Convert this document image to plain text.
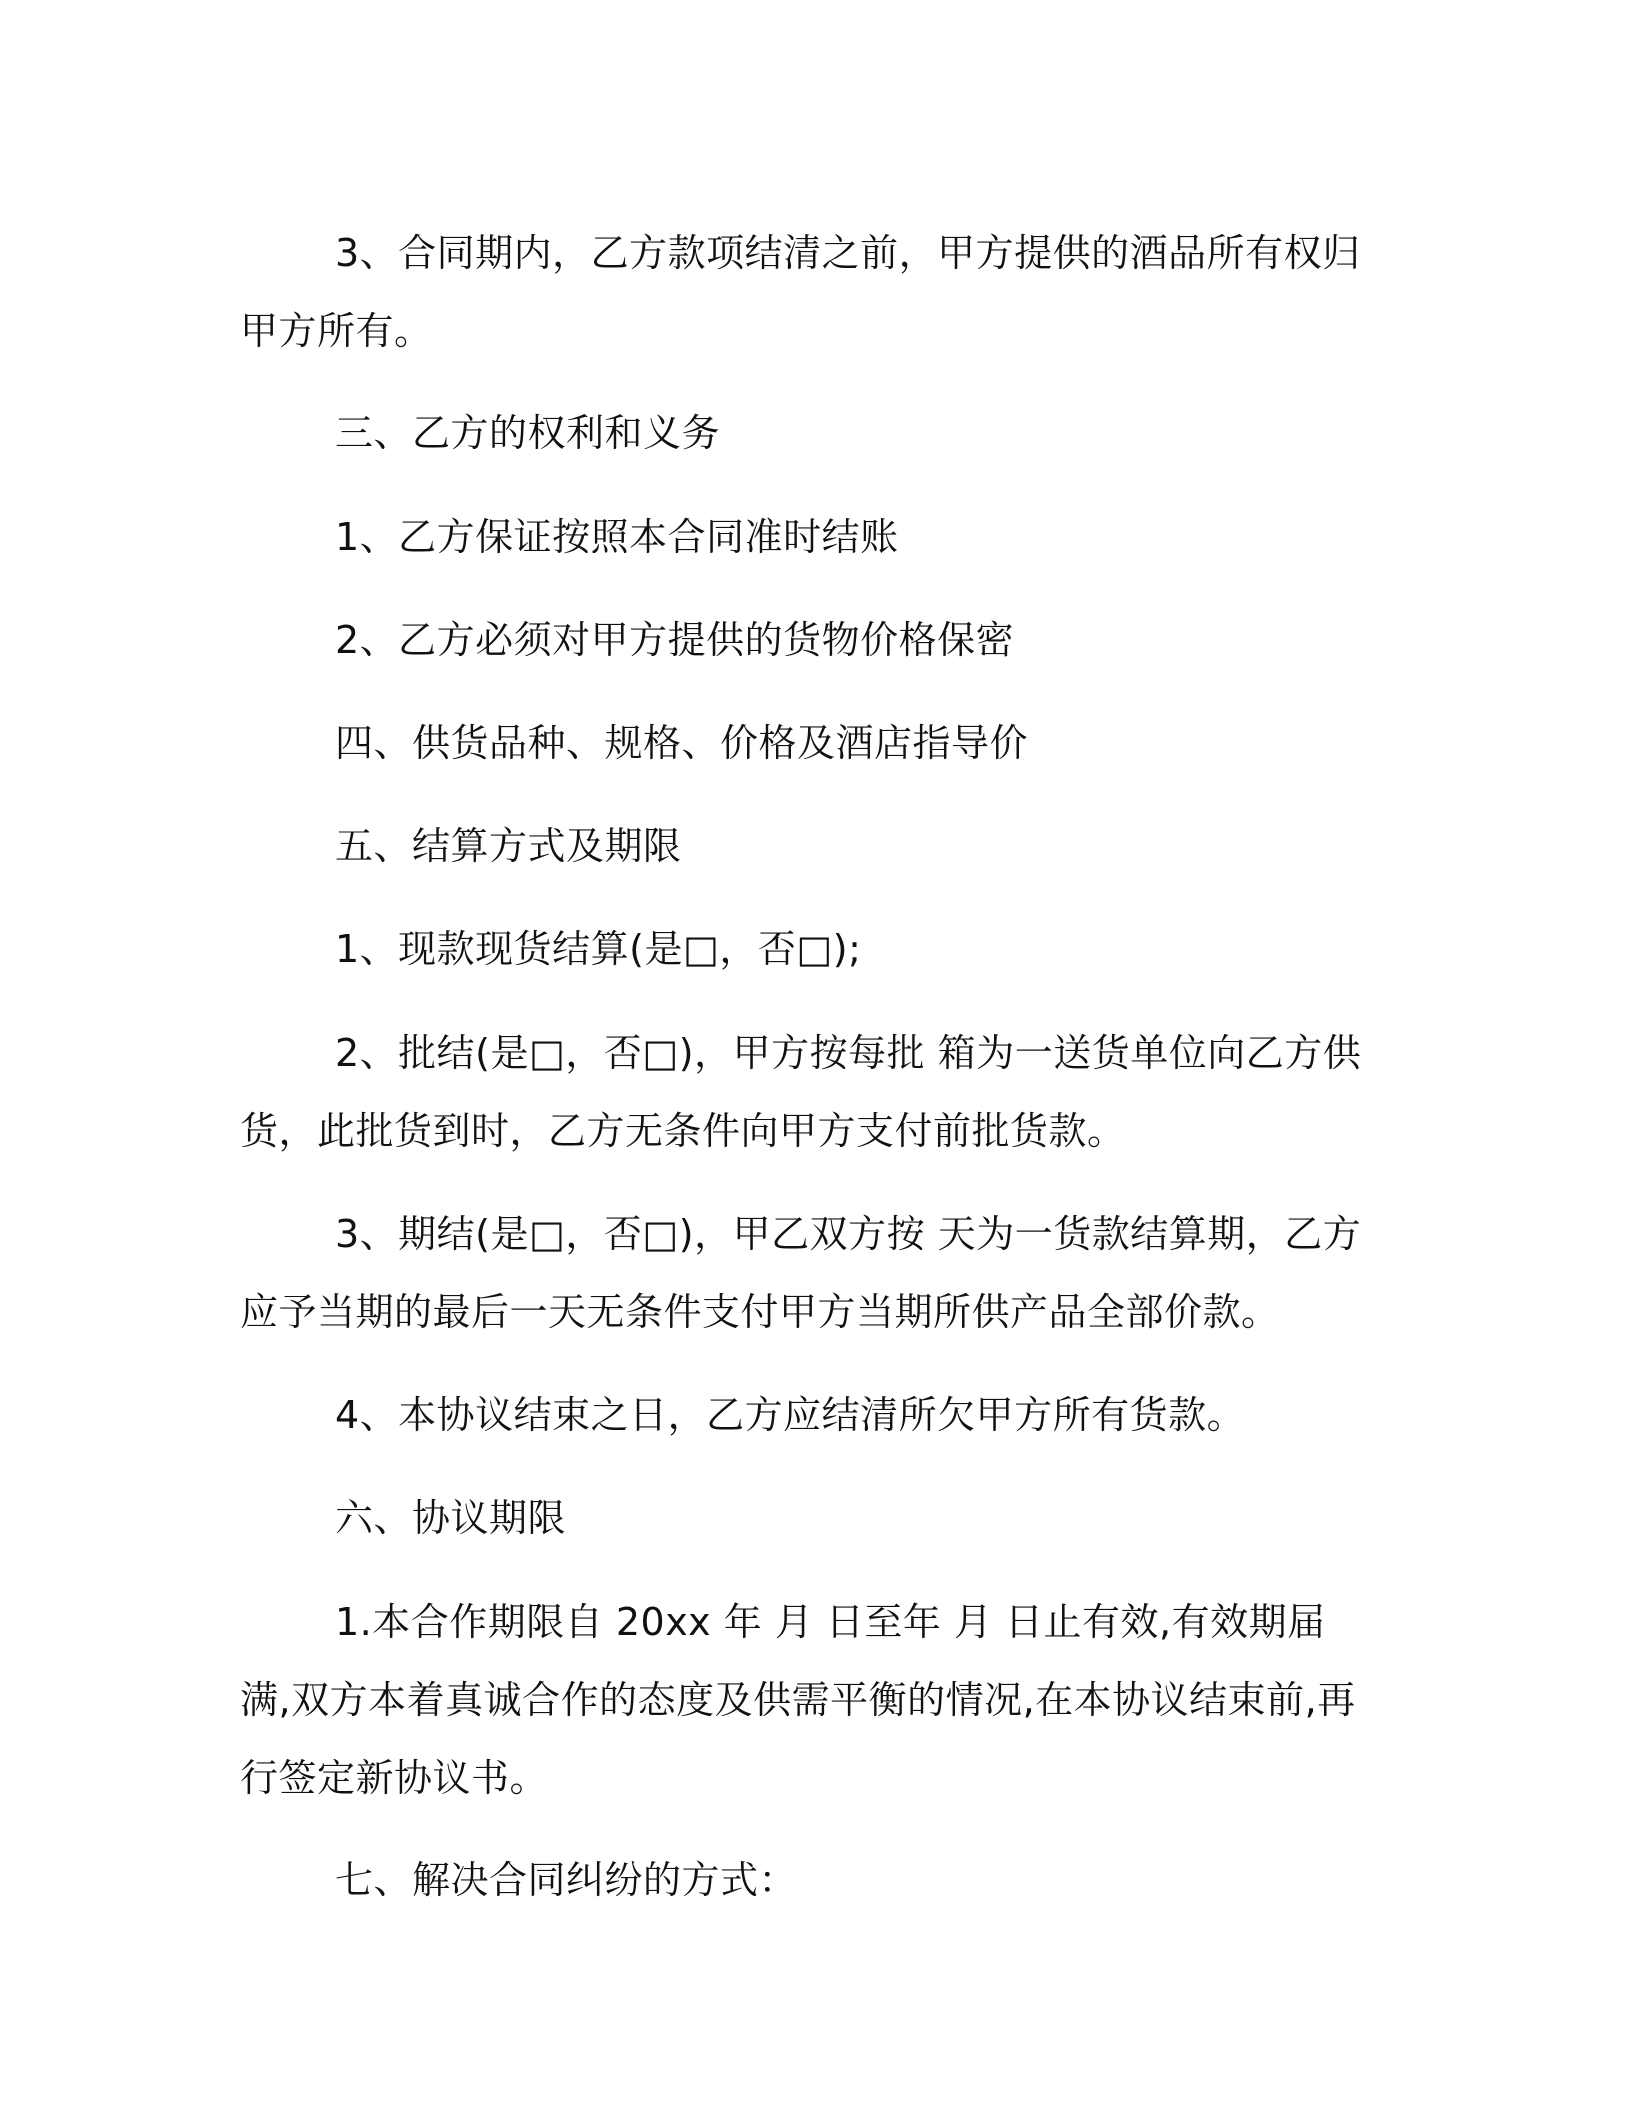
3、合同期内，乙方款项结清之前，甲方提供的酒品所有权归甲方所有。

三、乙方的权利和义务

1、乙方保证按照本合同准时结账

2、乙方必须对甲方提供的货物价格保密

四、供货品种、规格、价格及酒店指导价

五、结算方式及期限

1、现款现货结算(是□，否□);

2、批结(是□，否□)，甲方按每批 箱为一送货单位向乙方供货，此批货到时，乙方无条件向甲方支付前批货款。

3、期结(是□，否□)，甲乙双方按 天为一货款结算期，乙方应予当期的最后一天无条件支付甲方当期所供产品全部价款。

4、本协议结束之日，乙方应结清所欠甲方所有货款。

六、协议期限

1.本合作期限自 20xx 年 月 日至年 月 日止有效,有效期届满,双方本着真诚合作的态度及供需平衡的情况,在本协议结束前,再行签定新协议书。

七、解决合同纠纷的方式：
